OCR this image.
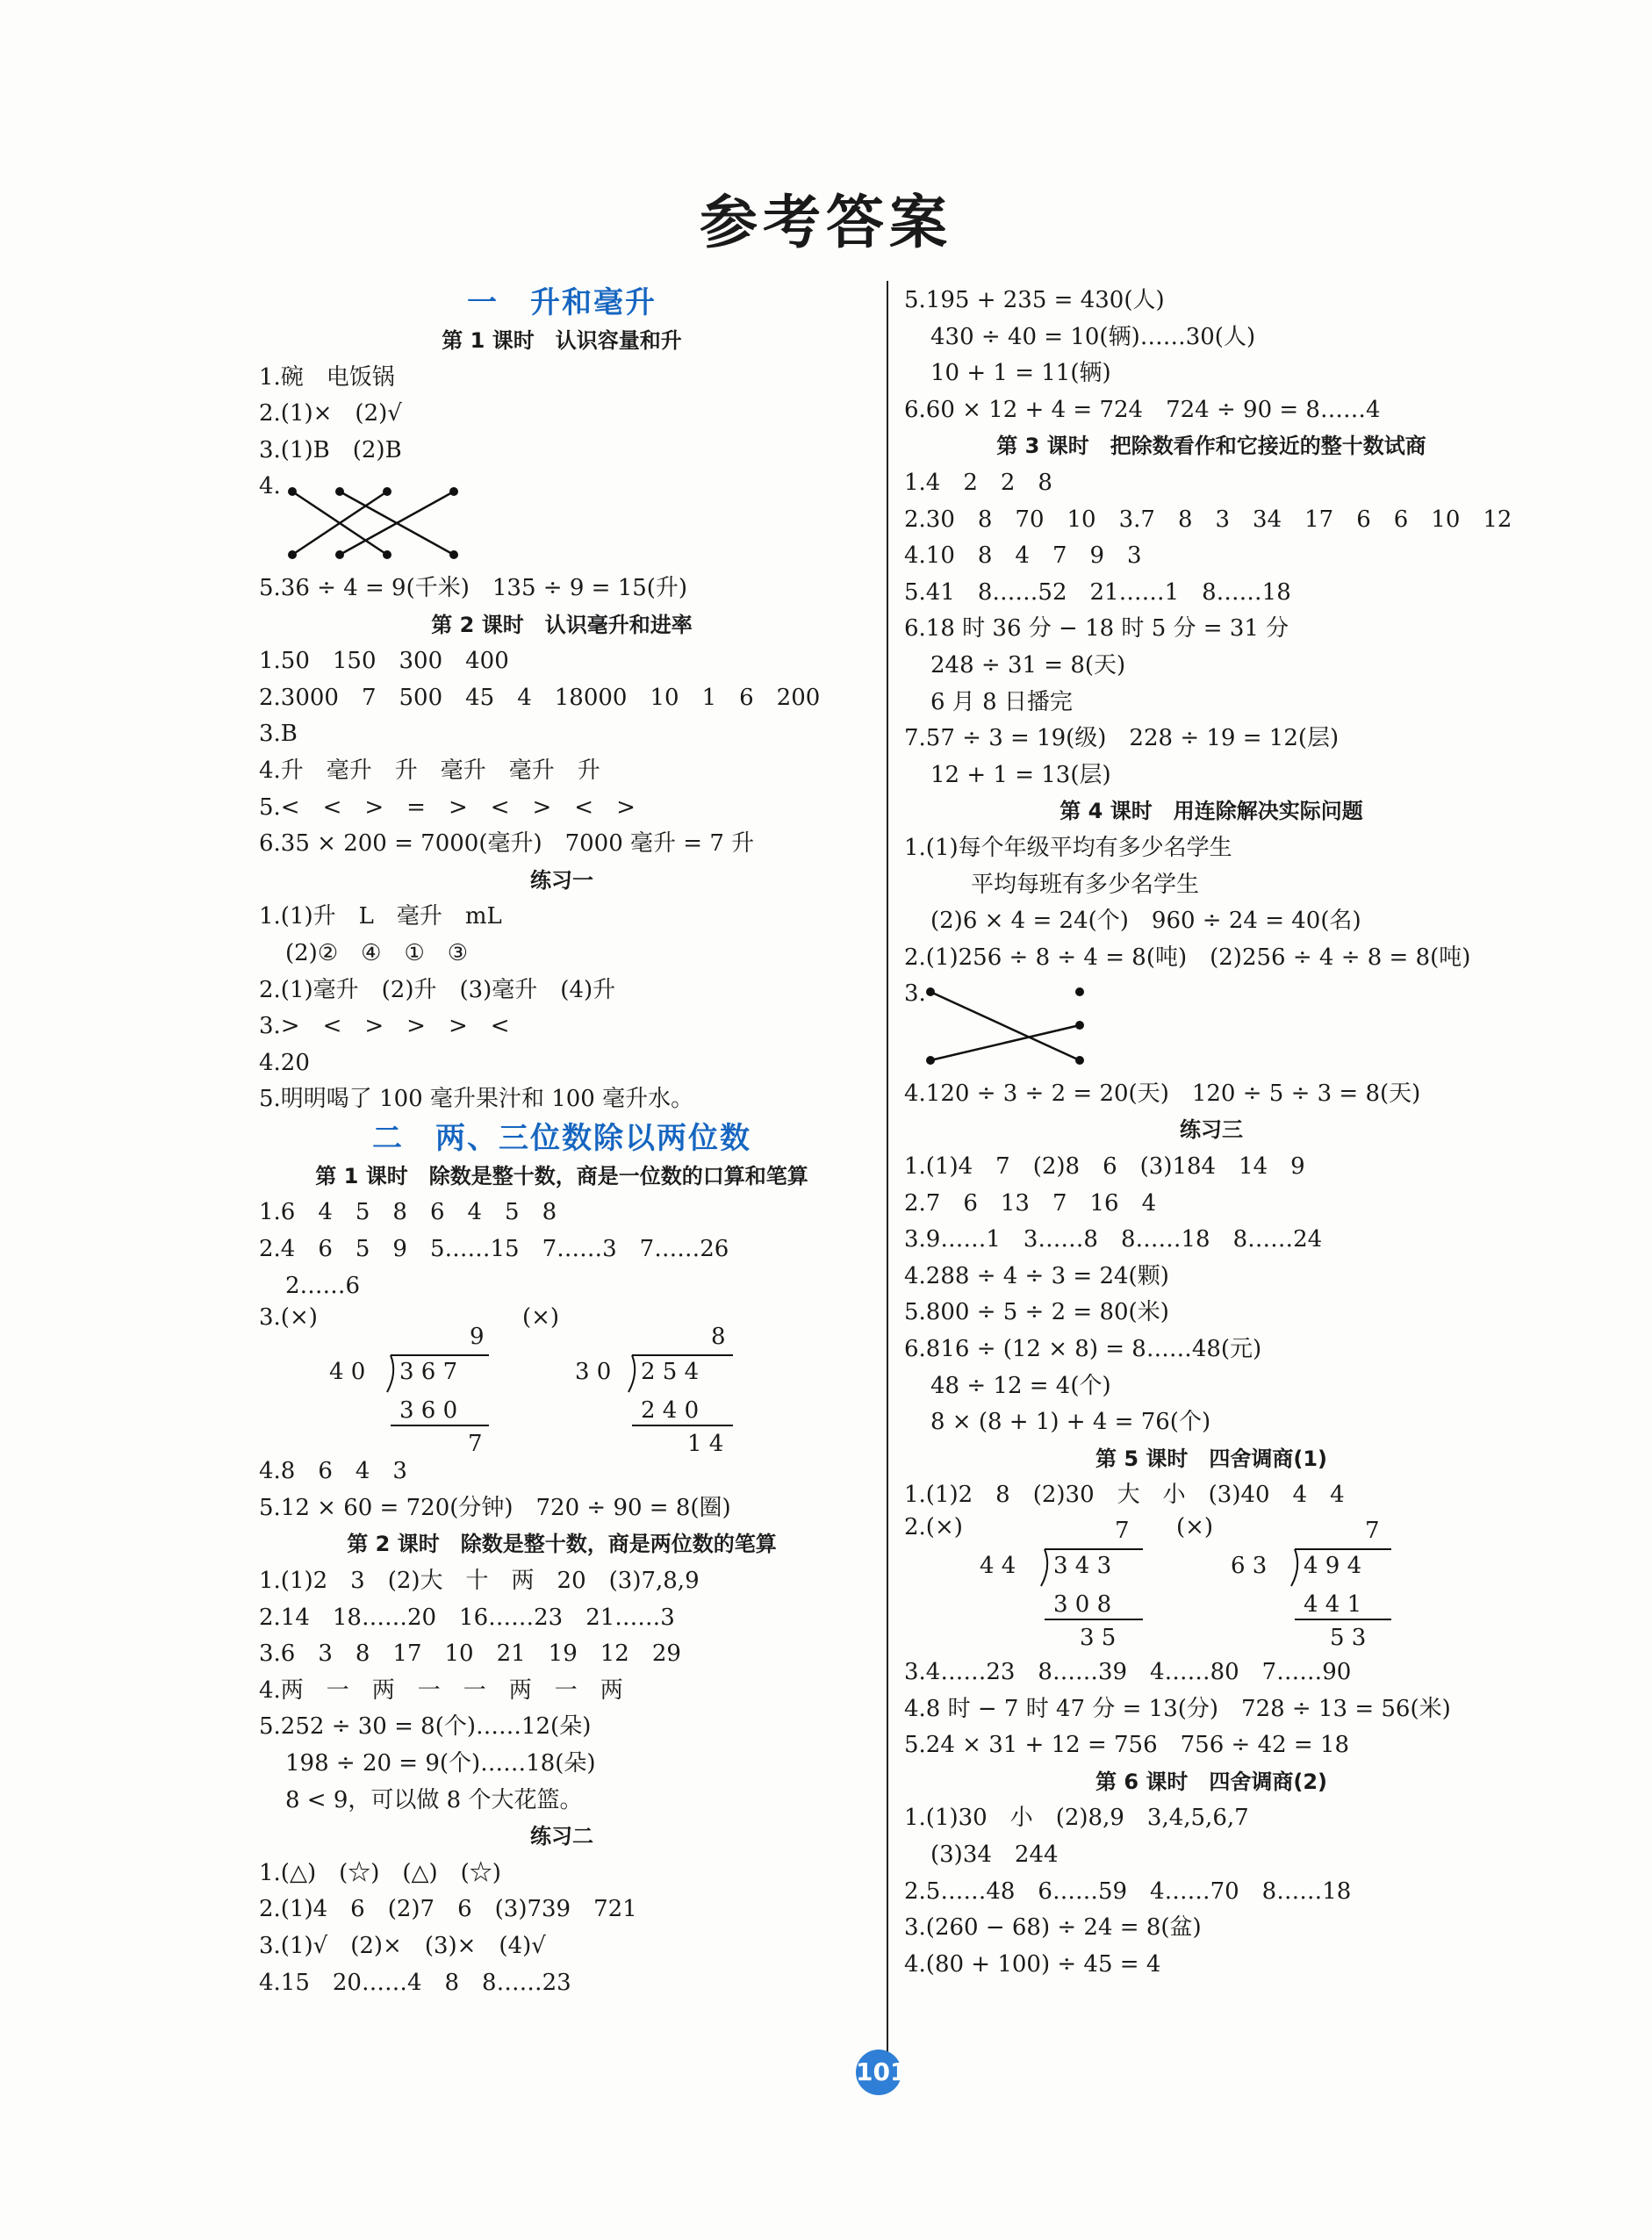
参考答案
一　升和毫升
第 1 课时　认识容量和升
1.碗　电饭锅
2.(1)×　(2)√
3.(1)B　(2)B
4.
5.36 ÷ 4 = 9(千米)　135 ÷ 9 = 15(升)
第 2 课时　认识毫升和进率
1.50　150　300　400
2.3000　7　500　45　4　18000　10　1　6　200
3.B
4.升　毫升　升　毫升　毫升　升
5.<　<　>　=　>　<　>　<　>
6.35 × 200 = 7000(毫升)　7000 毫升 = 7 升
练习一
1.(1)升　L　毫升　mL
(2)②　④　①　③
2.(1)毫升　(2)升　(3)毫升　(4)升
3.>　<　>　>　>　<
4.20
5.明明喝了 100 毫升果汁和 100 毫升水。
二　两、三位数除以两位数
第 1 课时　除数是整十数，商是一位数的口算和笔算
1.6　4　5　8　6　4　5　8
2.4　6　5　9　5……15　7……3　7……26
2……6
3.(×)	(×)
9
4 0 3 6 7
3 6 0
7
8
3 0 2 5 4
2 4 0
1 4
4.8　6　4　3
5.12 × 60 = 720(分钟)　720 ÷ 90 = 8(圈)
第 2 课时　除数是整十数，商是两位数的笔算
1.(1)2　3　(2)大　十　两　20　(3)7,8,9
2.14　18……20　16……23　21……3
3.6　3　8　17　10　21　19　12　29
4.两　一　两　一　一　两　一　两
5.252 ÷ 30 = 8(个)……12(朵)
198 ÷ 20 = 9(个)……18(朵)
8 < 9，可以做 8 个大花篮。
练习二
1.(△)　(☆)　(△)　(☆)
2.(1)4　6　(2)7　6　(3)739　721
3.(1)√　(2)×　(3)×　(4)√
4.15　20……4　8　8……23
5.195 + 235 = 430(人)
430 ÷ 40 = 10(辆)……30(人)
10 + 1 = 11(辆)
6.60 × 12 + 4 = 724　724 ÷ 90 = 8……4
第 3 课时　把除数看作和它接近的整十数试商
1.4　2　2　8
2.30　8　70　10　3.7　8　3　34　17　6　6　10　12
4.10　8　4　7　9　3
5.41　8……52　21……1　8……18
6.18 时 36 分 − 18 时 5 分 = 31 分
248 ÷ 31 = 8(天)
6 月 8 日播完
7.57 ÷ 3 = 19(级)　228 ÷ 19 = 12(层)
12 + 1 = 13(层)
第 4 课时　用连除解决实际问题
1.(1)每个年级平均有多少名学生
平均每班有多少名学生
(2)6 × 4 = 24(个)　960 ÷ 24 = 40(名)
2.(1)256 ÷ 8 ÷ 4 = 8(吨)　(2)256 ÷ 4 ÷ 8 = 8(吨)
3.
4.120 ÷ 3 ÷ 2 = 20(天)　120 ÷ 5 ÷ 3 = 8(天)
练习三
1.(1)4　7　(2)8　6　(3)184　14　9
2.7　6　13　7　16　4
3.9……1　3……8　8……18　8……24
4.288 ÷ 4 ÷ 3 = 24(颗)
5.800 ÷ 5 ÷ 2 = 80(米)
6.816 ÷ (12 × 8) = 8……48(元)
48 ÷ 12 = 4(个)
8 × (8 + 1) + 4 = 76(个)
第 5 课时　四舍调商(1)
1.(1)2　8　(2)30　大　小　(3)40　4　4
2.(×)	(×)
7
4 4 3 4 3
3 0 8
3 5
7
6 3 4 9 4
4 4 1
5 3
3.4……23　8……39　4……80　7……90
4.8 时 − 7 时 47 分 = 13(分)　728 ÷ 13 = 56(米)
5.24 × 31 + 12 = 756　756 ÷ 42 = 18
第 6 课时　四舍调商(2)
1.(1)30　小　(2)8,9　3,4,5,6,7
(3)34　244
2.5……48　6……59　4……70　8……18
3.(260 − 68) ÷ 24 = 8(盆)
4.(80 + 100) ÷ 45 = 4
101
